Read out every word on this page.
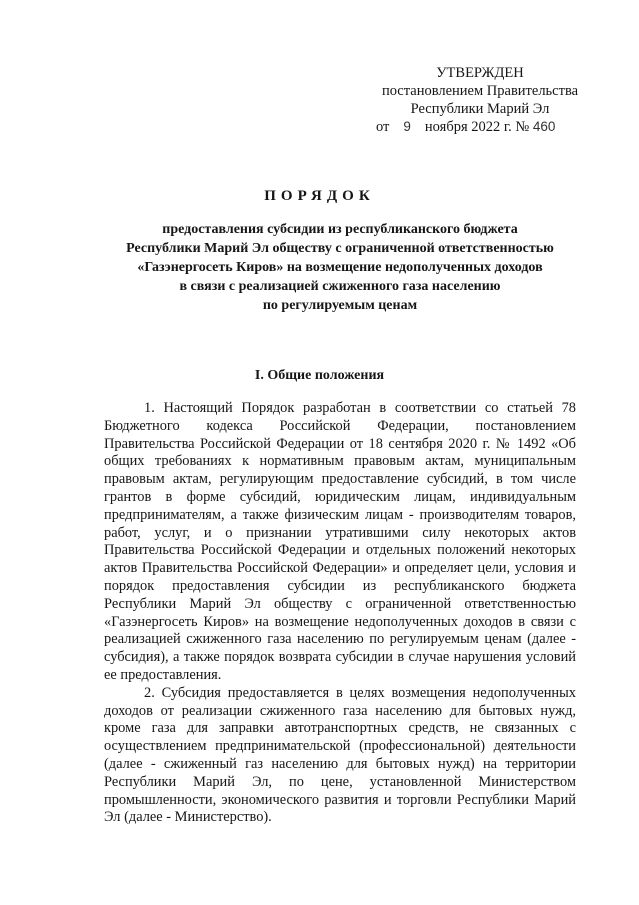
УТВЕРЖДЕН
постановлением Правительства
Республики Марий Эл
от 9 ноября 2022 г. № 460
ПОРЯДОК
предоставления субсидии из республиканского бюджета
Республики Марий Эл обществу с ограниченной ответственностью
«Газэнергосеть Киров» на возмещение недополученных доходов
в связи с реализацией сжиженного газа населению
по регулируемым ценам
I. Общие положения

1. Настоящий Порядок разработан в соответствии со статьей 78 Бюджетного кодекса Российской Федерации, постановлением Правительства Российской Федерации от 18 сентября 2020 г. № 1492 «Об общих требованиях к нормативным правовым актам, муниципальным правовым актам, регулирующим предоставление субсидий, в том числе грантов в форме субсидий, юридическим лицам, индивидуальным предпринимателям, а также физическим лицам - производителям товаров, работ, услуг, и о признании утратившими силу некоторых актов Правительства Российской Федерации и отдельных положений некоторых актов Правительства Российской Федерации» и определяет цели, условия и порядок предоставления субсидии из республиканского бюджета Республики Марий Эл обществу с ограниченной ответственностью «Газэнергосеть Киров» на возмещение недополученных доходов в связи с реализацией сжиженного газа населению по регулируемым ценам (далее - субсидия), а также порядок возврата субсидии в случае нарушения условий ее предоставления.

2. Субсидия предоставляется в целях возмещения недополученных доходов от реализации сжиженного газа населению для бытовых нужд, кроме газа для заправки автотранспортных средств, не связанных с осуществлением предпринимательской (профессиональной) деятельности (далее - сжиженный газ населению для бытовых нужд) на территории Республики Марий Эл, по цене, установленной Министерством промышленности, экономического развития и торговли Республики Марий Эл (далее - Министерство).
